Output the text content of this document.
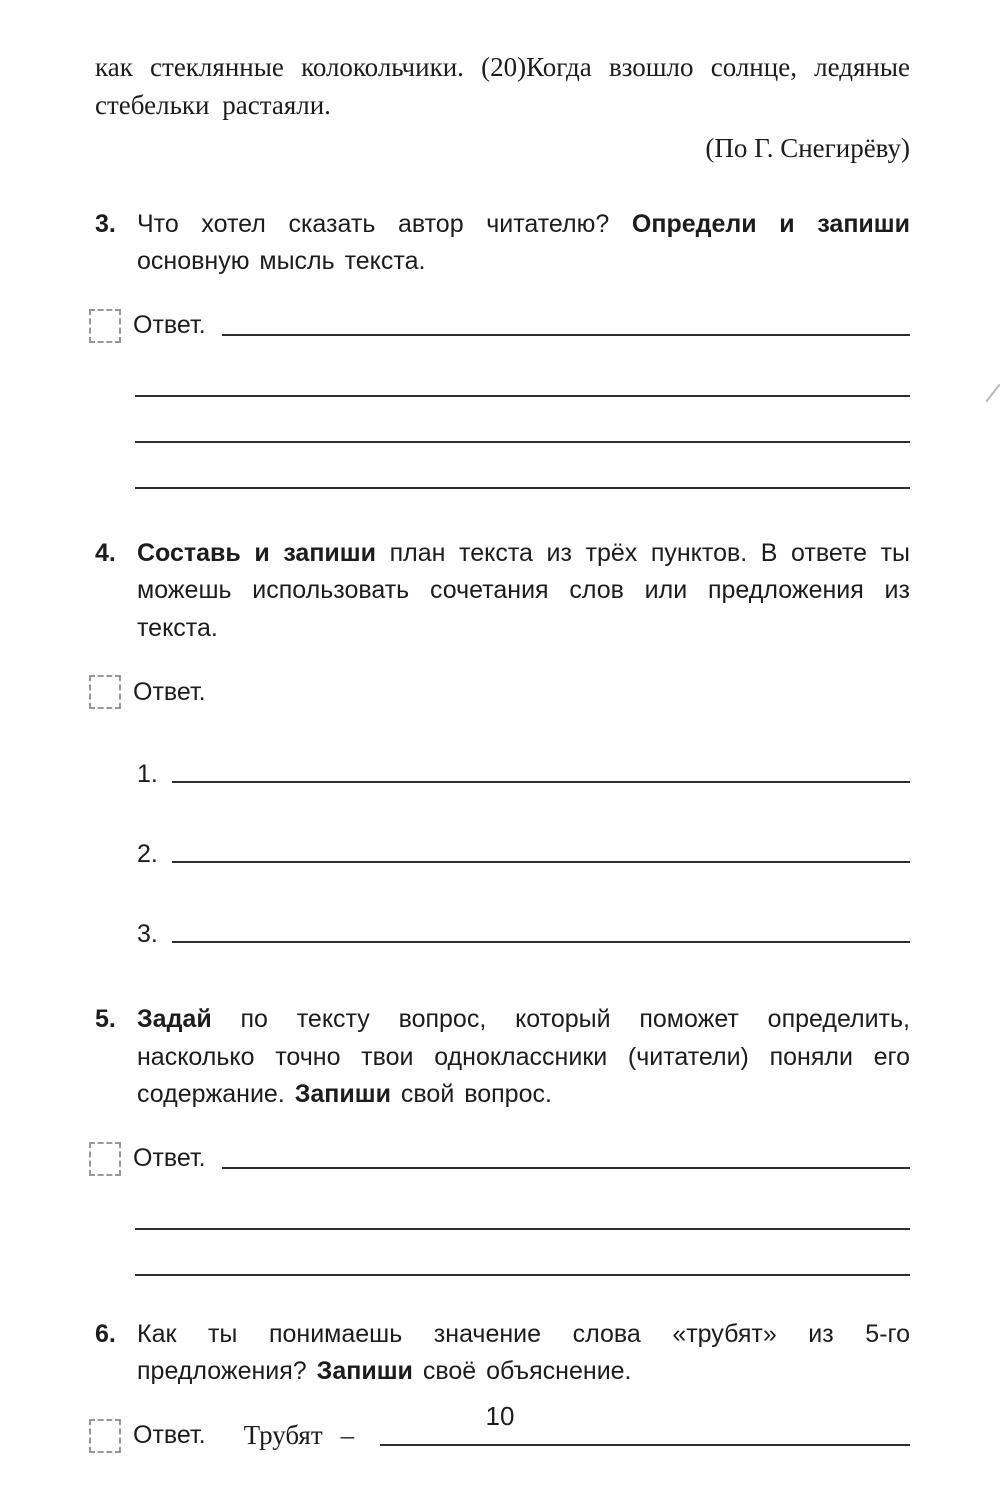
как стеклянные колокольчики. (20)Когда взошло солнце, ледяные стебельки растаяли.

(По Г. Снегирёву)

3. Что хотел сказать автор читателю? Определи и запиши основную мысль текста.

Ответ.
4. Составь и запиши план текста из трёх пунктов. В ответе ты можешь использовать сочетания слов или предложения из текста.

Ответ.
1.
2.
3.
5. Задай по тексту вопрос, который поможет определить, насколько точно твои одноклассники (читатели) поняли его содержание. Запиши свой вопрос.

Ответ.
6. Как ты понимаешь значение слова «трубят» из 5-го предложения? Запиши своё объяснение.

Ответ. Трубят –
10
